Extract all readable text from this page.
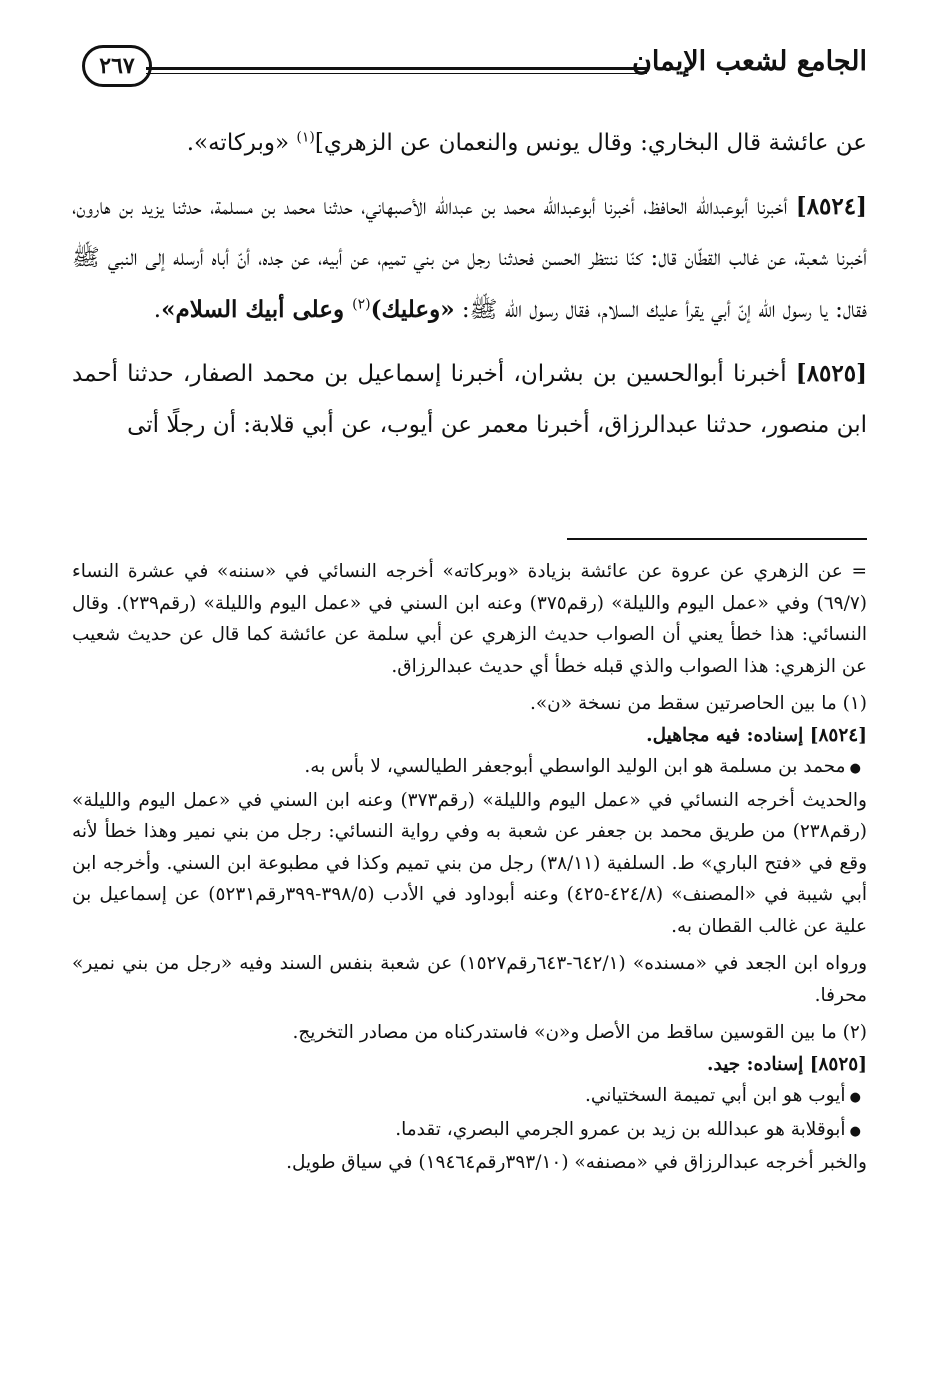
الجامع لشعب الإيمان
٢٦٧

عن عائشة قال البخاري: وقال يونس والنعمان عن الزهري]$^{(١)}$ «وبركاته».

[٨٥٢٤] أخبرنا أبوعبدالله الحافظ، أخبرنا أبوعبدالله محمد بن عبدالله الأصبهاني، حدثنا محمد بن مسلمة، حدثنا يزيد بن هارون، أخبرنا شعبة، عن غالب القطّان قال: كنّا ننتظر الحسن فحدثنا رجل من بني تميم، عن أبيه، عن جده، أنّ أباه أرسله إلى النبي ﷺ فقال: يا رسول الله إنّ أبي يقرأ عليك السلام، فقال رسول الله ﷺ: «وعليك)$^{(٢)}$ وعلى أبيك السلام».

[٨٥٢٥] أخبرنا أبوالحسين بن بشران، أخبرنا إسماعيل بن محمد الصفار، حدثنا أحمد ابن منصور، حدثنا عبدالرزاق، أخبرنا معمر عن أيوب، عن أبي قلابة: أن رجلًا أتى

= عن الزهري عن عروة عن عائشة بزيادة «وبركاته» أخرجه النسائي في «سننه» في عشرة النساء (٦٩/٧) وفي «عمل اليوم والليلة» (رقم٣٧٥) وعنه ابن السني في «عمل اليوم والليلة» (رقم٢٣٩). وقال النسائي: هذا خطأ يعني أن الصواب حديث الزهري عن أبي سلمة عن عائشة كما قال عن حديث شعيب عن الزهري: هذا الصواب والذي قبله خطأ أي حديث عبدالرزاق.

(١) ما بين الحاصرتين سقط من نسخة «ن».

[٨٥٢٤] إسناده: فيه مجاهيل.

● محمد بن مسلمة هو ابن الوليد الواسطي أبوجعفر الطيالسي، لا بأس به.

والحديث أخرجه النسائي في «عمل اليوم والليلة» (رقم٣٧٣) وعنه ابن السني في «عمل اليوم والليلة» (رقم٢٣٨) من طريق محمد بن جعفر عن شعبة به وفي رواية النسائي: رجل من بني نمير وهذا خطأ لأنه وقع في «فتح الباري» ط. السلفية (٣٨/١١) رجل من بني تميم وكذا في مطبوعة ابن السني. وأخرجه ابن أبي شيبة في «المصنف» (٤٢٤/٨-٤٢٥) وعنه أبوداود في الأدب (٣٩٨/٥-٣٩٩رقم٥٢٣١) عن إسماعيل بن علية عن غالب القطان به.

ورواه ابن الجعد في «مسنده» (٦٤٢/١-٦٤٣رقم١٥٢٧) عن شعبة بنفس السند وفيه «رجل من بني نمير» محرفا.

(٢) ما بين القوسين ساقط من الأصل و«ن» فاستدركناه من مصادر التخريج.

[٨٥٢٥] إسناده: جيد.

● أيوب هو ابن أبي تميمة السختياني.

● أبوقلابة هو عبدالله بن زيد بن عمرو الجرمي البصري، تقدما.

والخبر أخرجه عبدالرزاق في «مصنفه» (٣٩٣/١٠رقم١٩٤٦٤) في سياق طويل.
